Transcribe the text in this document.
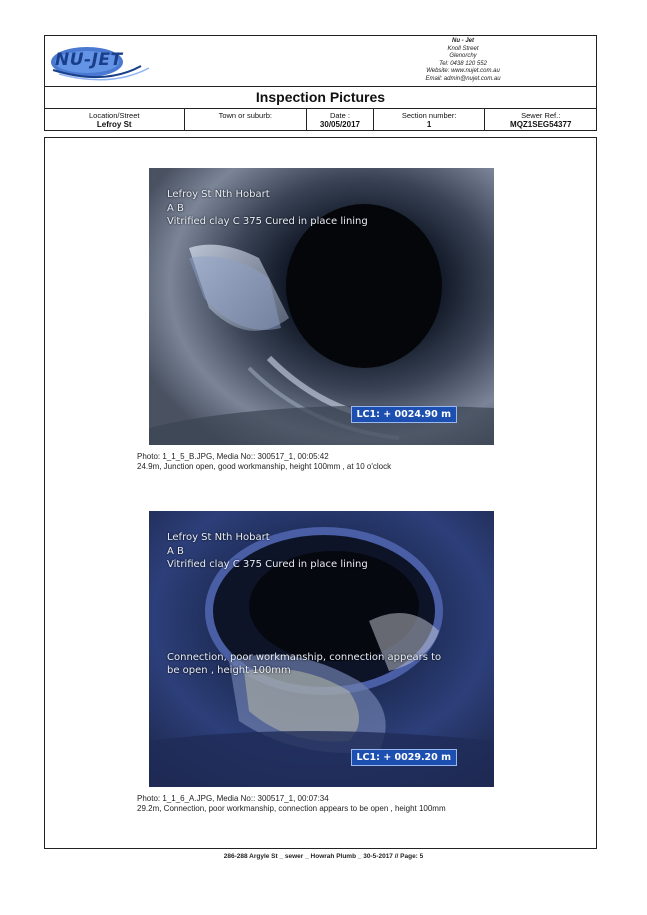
NU-JET
Nu - Jet
Knoll Street
Glenorchy
Tel: 0438 120 552
Website: www.nujet.com.au
Email: admin@nujet.com.au
Inspection Pictures
Location/Street
Lefroy St
Town or suburb:	Date :
30/05/2017
Section number:
1
Sewer Ref.:
MQZ1SEG54377
Lefroy St Nth Hobart
A B
Vitrified clay C 375 Cured in place lining
LC1: + 0024.90 m
Photo: 1_1_5_B.JPG, Media No:: 300517_1, 00:05:42
24.9m, Junction open, good workmanship, height 100mm , at 10 o'clock
Lefroy St Nth Hobart
A B
Vitrified clay C 375 Cured in place lining
Connection, poor workmanship, connection appears to be open , height 100mm
LC1: + 0029.20 m
Photo: 1_1_6_A.JPG, Media No:: 300517_1, 00:07:34
29.2m, Connection, poor workmanship, connection appears to be open , height 100mm
286-288 Argyle St _ sewer _ Howrah Plumb _ 30-5-2017 // Page: 5
